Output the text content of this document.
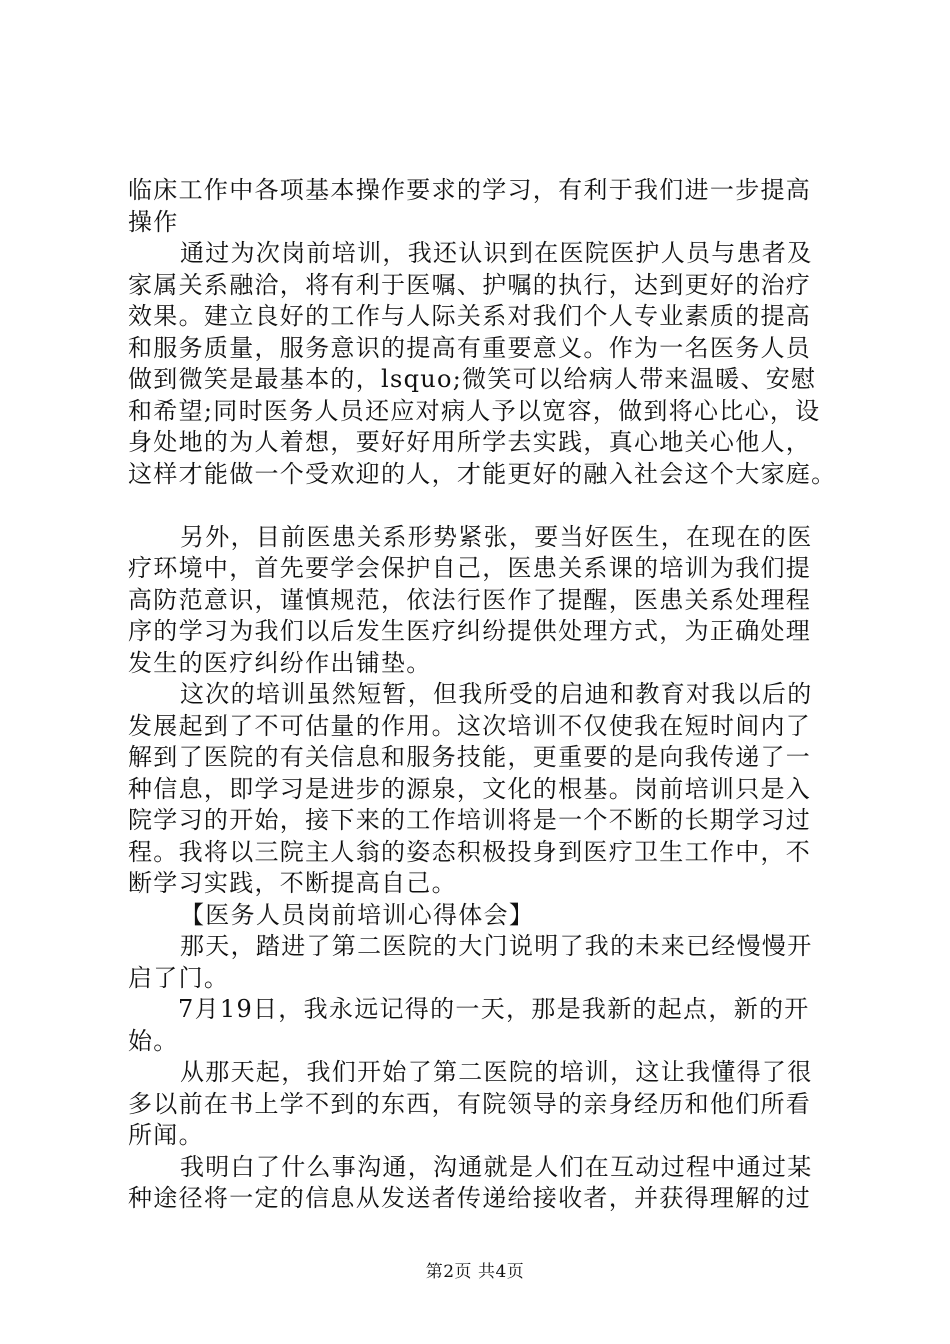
临床工作中各项基本操作要求的学习，有利于我们进一步提高
操作
通过为次岗前培训，我还认识到在医院医护人员与患者及
家属关系融洽，将有利于医嘱、护嘱的执行，达到更好的治疗
效果。建立良好的工作与人际关系对我们个人专业素质的提高
和服务质量，服务意识的提高有重要意义。作为一名医务人员
做到微笑是最基本的，lsquo;微笑可以给病人带来温暖、安慰
和希望;同时医务人员还应对病人予以宽容，做到将心比心，设
身处地的为人着想，要好好用所学去实践，真心地关心他人，
这样才能做一个受欢迎的人，才能更好的融入社会这个大家庭。
另外，目前医患关系形势紧张，要当好医生，在现在的医
疗环境中，首先要学会保护自己，医患关系课的培训为我们提
高防范意识，谨慎规范，依法行医作了提醒，医患关系处理程
序的学习为我们以后发生医疗纠纷提供处理方式，为正确处理
发生的医疗纠纷作出铺垫。
这次的培训虽然短暂，但我所受的启迪和教育对我以后的
发展起到了不可估量的作用。这次培训不仅使我在短时间内了
解到了医院的有关信息和服务技能，更重要的是向我传递了一
种信息，即学习是进步的源泉，文化的根基。岗前培训只是入
院学习的开始，接下来的工作培训将是一个不断的长期学习过
程。我将以三院主人翁的姿态积极投身到医疗卫生工作中，不
断学习实践，不断提高自己。
【医务人员岗前培训心得体会】
那天，踏进了第二医院的大门说明了我的未来已经慢慢开
启了门。
7月19日，我永远记得的一天，那是我新的起点，新的开
始。
从那天起，我们开始了第二医院的培训，这让我懂得了很
多以前在书上学不到的东西，有院领导的亲身经历和他们所看
所闻。
我明白了什么事沟通，沟通就是人们在互动过程中通过某
种途径将一定的信息从发送者传递给接收者，并获得理解的过
第2页 共4页
